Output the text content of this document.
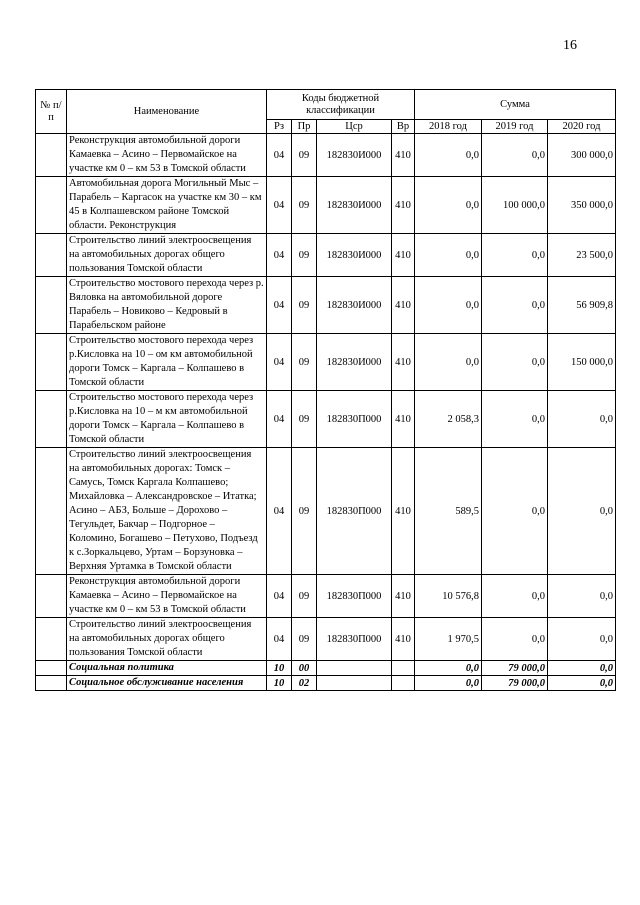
16
№ п/п	Наименование	Коды бюджетной классификации				Сумма		
		Рз	Пр	Цср	Вр	2018 год	2019 год	2020 год
	Реконструкция автомобильной дороги Камаевка – Асино – Первомайское на участке км 0 – км 53 в Томской области	04	09	182830И000	410	0,0	0,0	300 000,0
	Автомобильная дорога Могильный Мыс – Парабель – Каргасок на участке км 30 – км 45 в Колпашевском районе Томской области. Реконструкция	04	09	182830И000	410	0,0	100 000,0	350 000,0
	Строительство линий электроосвещения на автомобильных дорогах общего пользования Томской области	04	09	182830И000	410	0,0	0,0	23 500,0
	Строительство мостового перехода через р. Вяловка на автомобильной дороге Парабель – Новиково – Кедровый в Парабельском районе	04	09	182830И000	410	0,0	0,0	56 909,8
	Строительство мостового перехода через р.Кисловка на 10 – ом км автомобильной дороги Томск – Каргала – Колпашево в Томской области	04	09	182830И000	410	0,0	0,0	150 000,0
	Строительство мостового перехода через р.Кисловка на 10 – м км автомобильной дороги Томск – Каргала – Колпашево в Томской области	04	09	182830П000	410	2 058,3	0,0	0,0
	Строительство линий электроосвещения на автомобильных дорогах: Томск – Самусь, Томск Каргала Колпашево; Михайловка – Александровское – Итатка; Асино – АБЗ, Больше – Дорохово – Тегульдет, Бакчар – Подгорное – Коломино, Богашево – Петухово, Подъезд к с.Зоркальцево, Уртам – Борзуновка – Верхняя Уртамка в Томской области	04	09	182830П000	410	589,5	0,0	0,0
	Реконструкция автомобильной дороги Камаевка – Асино – Первомайское на участке км 0 – км 53 в Томской области	04	09	182830П000	410	10 576,8	0,0	0,0
	Строительство линий электроосвещения на автомобильных дорогах общего пользования Томской области	04	09	182830П000	410	1 970,5	0,0	0,0
	Социальная политика	10	00			0,0	79 000,0	0,0
	Социальное обслуживание населения	10	02			0,0	79 000,0	0,0
